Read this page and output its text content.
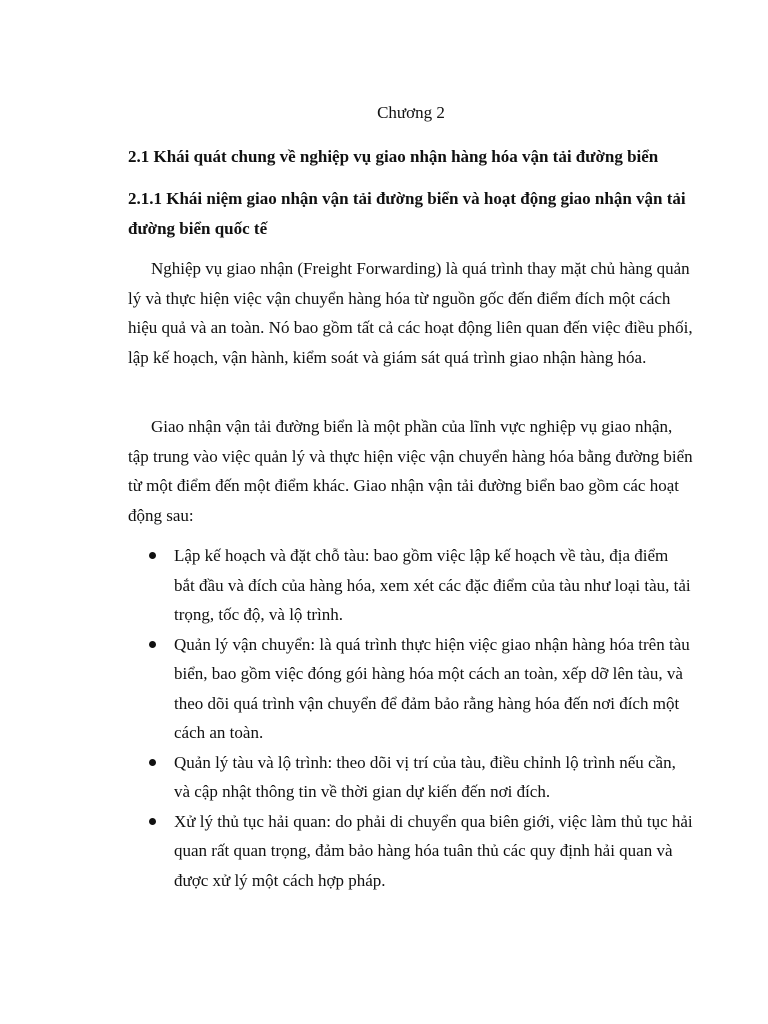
Chương 2
2.1 Khái quát chung về nghiệp vụ giao nhận hàng hóa vận tải đường biển
2.1.1 Khái niệm giao nhận vận tải đường biển và hoạt động giao nhận vận tải đường biển quốc tế

Nghiệp vụ giao nhận (Freight Forwarding) là quá trình thay mặt chủ hàng quản lý và thực hiện việc vận chuyển hàng hóa từ nguồn gốc đến điểm đích một cách hiệu quả và an toàn. Nó bao gồm tất cả các hoạt động liên quan đến việc điều phối, lập kế hoạch, vận hành, kiểm soát và giám sát quá trình giao nhận hàng hóa.

Giao nhận vận tải đường biển là một phần của lĩnh vực nghiệp vụ giao nhận, tập trung vào việc quản lý và thực hiện việc vận chuyển hàng hóa bằng đường biển từ một điểm đến một điểm khác. Giao nhận vận tải đường biển bao gồm các hoạt động sau:

Lập kế hoạch và đặt chỗ tàu: bao gồm việc lập kế hoạch về tàu, địa điểm bắt đầu và đích của hàng hóa, xem xét các đặc điểm của tàu như loại tàu, tải trọng, tốc độ, và lộ trình.
Quản lý vận chuyển: là quá trình thực hiện việc giao nhận hàng hóa trên tàu biển, bao gồm việc đóng gói hàng hóa một cách an toàn, xếp dỡ lên tàu, và theo dõi quá trình vận chuyển để đảm bảo rằng hàng hóa đến nơi đích một cách an toàn.
Quản lý tàu và lộ trình: theo dõi vị trí của tàu, điều chỉnh lộ trình nếu cần, và cập nhật thông tin về thời gian dự kiến đến nơi đích.
Xử lý thủ tục hải quan: do phải di chuyển qua biên giới, việc làm thủ tục hải quan rất quan trọng, đảm bảo hàng hóa tuân thủ các quy định hải quan và được xử lý một cách hợp pháp.
